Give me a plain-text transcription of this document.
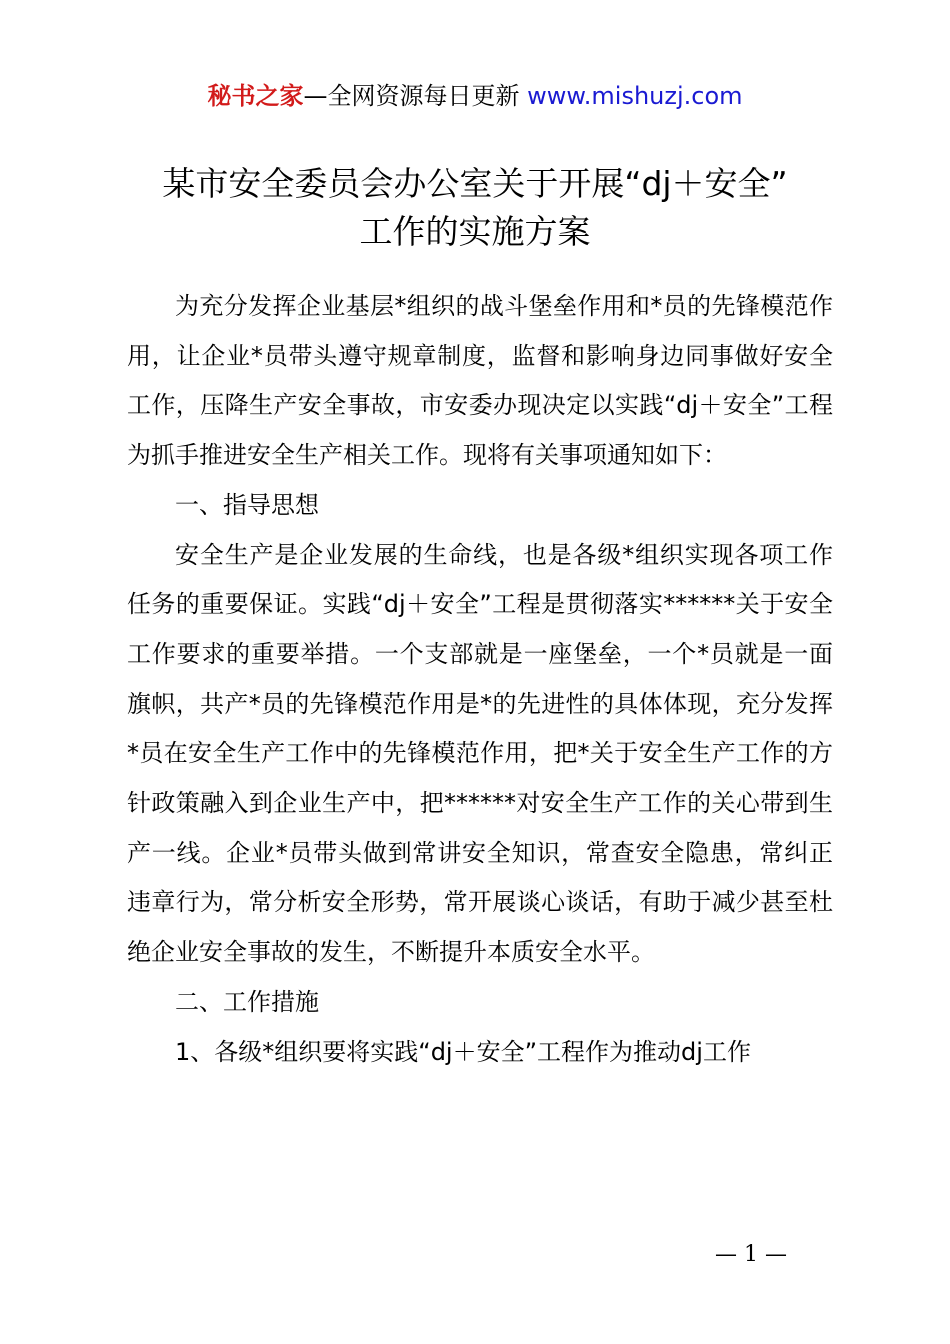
秘书之家—全网资源每日更新 www.mishuzj.com
某市安全委员会办公室关于开展“dj＋安全”
工作的实施方案

为充分发挥企业基层*组织的战斗堡垒作用和*员的先锋模范作用，让企业*员带头遵守规章制度，监督和影响身边同事做好安全工作，压降生产安全事故，市安委办现决定以实践“dj＋安全”工程为抓手推进安全生产相关工作。现将有关事项通知如下：

一、指导思想

安全生产是企业发展的生命线，也是各级*组织实现各项工作任务的重要保证。实践“dj＋安全”工程是贯彻落实******关于安全工作要求的重要举措。一个支部就是一座堡垒，一个*员就是一面旗帜，共产*员的先锋模范作用是*的先进性的具体体现，充分发挥*员在安全生产工作中的先锋模范作用，把*关于安全生产工作的方针政策融入到企业生产中，把******对安全生产工作的关心带到生产一线。企业*员带头做到常讲安全知识，常查安全隐患，常纠正违章行为，常分析安全形势，常开展谈心谈话，有助于减少甚至杜绝企业安全事故的发生，不断提升本质安全水平。

二、工作措施

1、各级*组织要将实践“dj＋安全”工程作为推动dj工作

— 1 —
